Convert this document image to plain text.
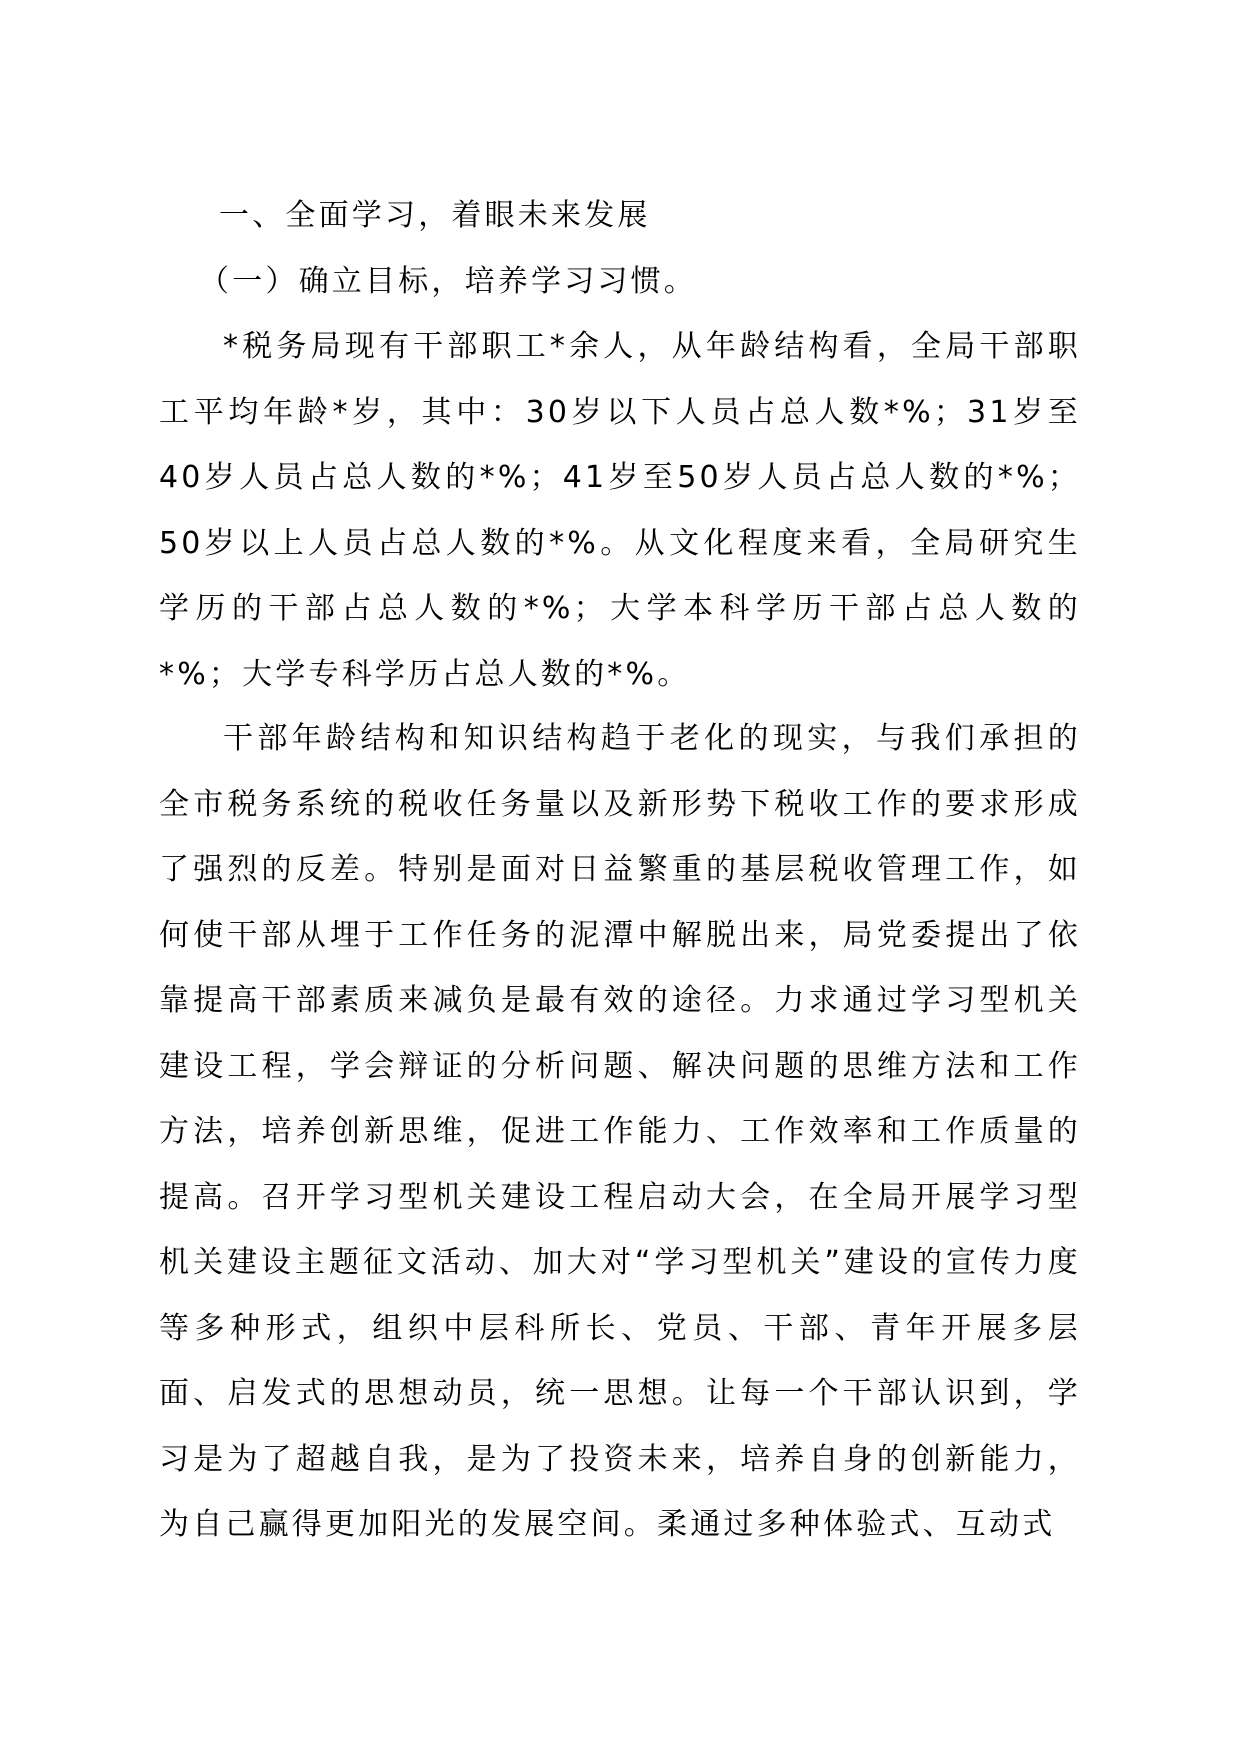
一、全面学习，着眼未来发展

（一）确立目标，培养学习习惯。

*税务局现有干部职工*余人，从年龄结构看，全局干部职工平均年龄*岁，其中：30岁以下人员占总人数*%；31岁至40岁人员占总人数的*%；41岁至50岁人员占总人数的*%；50岁以上人员占总人数的*%。从文化程度来看，全局研究生学历的干部占总人数的*%；大学本科学历干部占总人数的*%；大学专科学历占总人数的*%。

干部年龄结构和知识结构趋于老化的现实，与我们承担的全市税务系统的税收任务量以及新形势下税收工作的要求形成了强烈的反差。特别是面对日益繁重的基层税收管理工作，如何使干部从埋于工作任务的泥潭中解脱出来，局党委提出了依靠提高干部素质来减负是最有效的途径。力求通过学习型机关建设工程，学会辩证的分析问题、解决问题的思维方法和工作方法，培养创新思维，促进工作能力、工作效率和工作质量的提高。召开学习型机关建设工程启动大会，在全局开展学习型机关建设主题征文活动、加大对“学习型机关”建设的宣传力度等多种形式，组织中层科所长、党员、干部、青年开展多层面、启发式的思想动员，统一思想。让每一个干部认识到，学习是为了超越自我，是为了投资未来，培养自身的创新能力，为自己赢得更加阳光的发展空间。柔通过多种体验式、互动式
